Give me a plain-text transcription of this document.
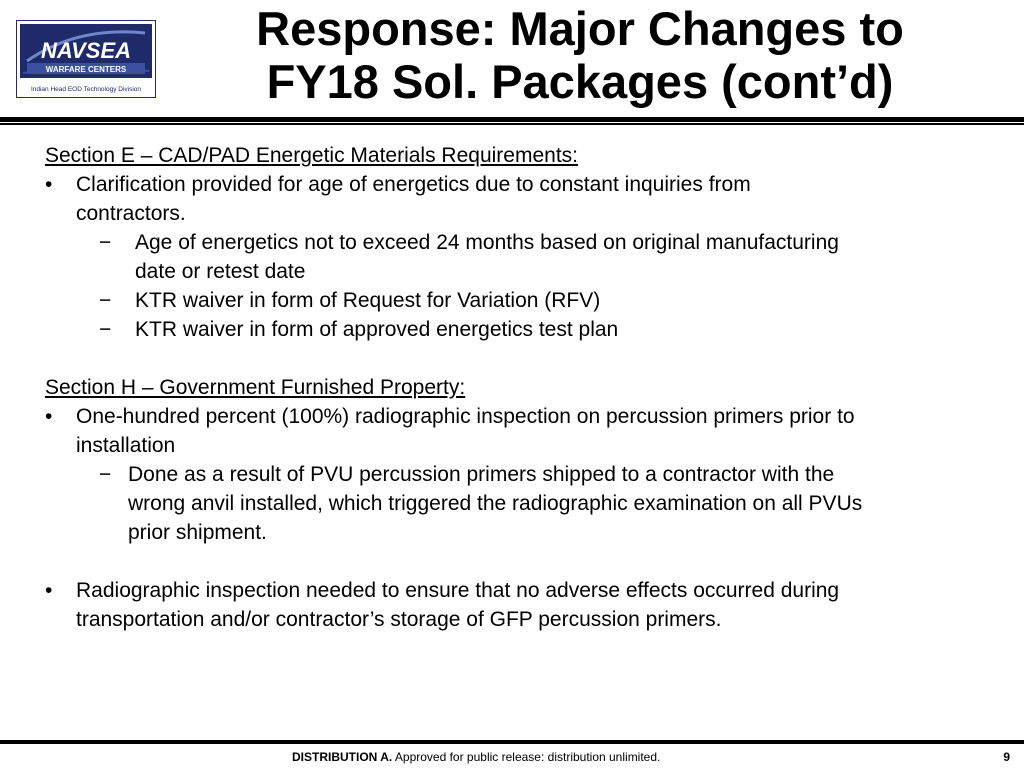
NAVSEA
WARFARE CENTERS
Indian Head EOD Technology Division
Response: Major Changes to
FY18 Sol. Packages (cont’d)
Section E – CAD/PAD Energetic Materials Requirements:
• Clarification provided for age of energetics due to constant inquiries from
contractors.
− Age of energetics not to exceed 24 months based on original manufacturing
date or retest date
− KTR waiver in form of Request for Variation (RFV)
− KTR waiver in form of approved energetics test plan
Section H – Government Furnished Property:
• One-hundred percent (100%) radiographic inspection on percussion primers prior to
installation
− Done as a result of PVU percussion primers shipped to a contractor with the
wrong anvil installed, which triggered the radiographic examination on all PVUs
prior shipment.
• Radiographic inspection needed to ensure that no adverse effects occurred during
transportation and/or contractor’s storage of GFP percussion primers.
DISTRIBUTION A. Approved for public release: distribution unlimited.	9
